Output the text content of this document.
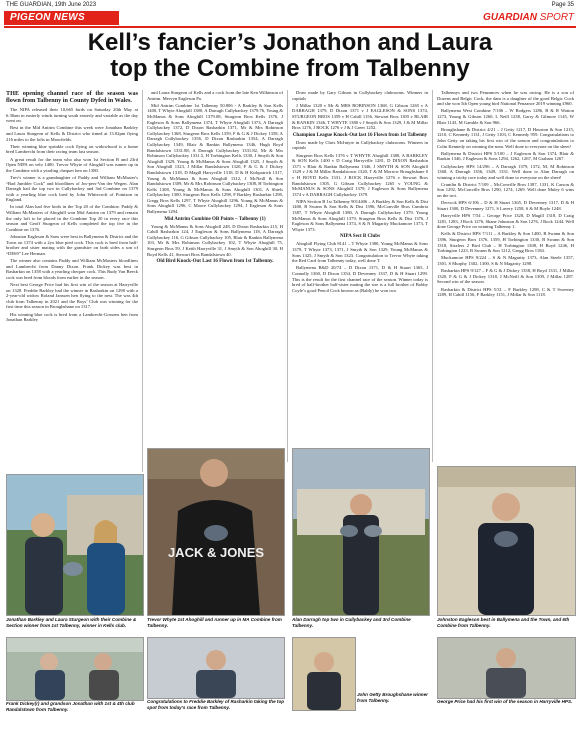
THE GUARDIAN, 19th June 2023	Page 35
PIGEON NEWS	GUARDIAN SPORT
Kell’s fancier’s Jonathon and Laura
top the Combine from Talbenny

THE opening channel race of the season was flown from Talbenny in County Dyfed in Wales.

The NIPA released their 10,665 birds on Saturday 20th May at 6.30am in easterly winds turning south easterly and variable as the day went on.

Best in the Mid Antrim Combine this week were Jonathan Barkley and Laura Sturgeon of Kells & District who timed at 13.02pm flying 216 miles to the lofts in Moorfields.

Their winning blue sprinkle cock flying on widowhood is a home bred Lambrecht from their racing team last season.

A great result for the team who also won 1st Section B and 23rd Open NIPA on velo 1400. Trevor Whyte of Ahoghill was runner up in the Combine with a yearling chequer hen on 1380.

Trev's winner is a grandaughter of Paddy and William McMaster's “Bad Jumbler Cock” and bloodlines of Jos-pers-Van der Wegen. Alan Darragh had the top two in Cullybackey and 3rd Combine on 1379 with a yearling blue cock bred by John Whitecroft of Pointzon in England.

In total Alan had five birds in the Top 20 of the Combine. Paddy & William McMasters of Ahoghill won Mid Antrim on 1379 and remain the only loft to be placed in the Combine Top 20 in every race this season and Geoff Sturgeon of Kells completed the top five in the Combine on 1376.

Johnston Eagleson & Sons were best in Ballymena & District and the Town on 1374 with a 2yo blue pied cock. This cock is bred from half-brother and sister mating with the grandsire on both sides a son of “DE69” Lee Herman.

The winner also contains Paddy and William McMasters bloodlines and Lambrecht from Danny Dixon. Frank Dickey was best in Rasharkin on 1358 with a yearling chequer cock. This Rudy Van Beeck cock was bred from bloods from earlier in the season.

Next best George Price had his first win of the season at Harryville on 1328. Freddie Barkley had the winner in Rasharkin on 1298 with a 2-year-old widow Roland Janssen hen flying to the nest. The was 4th club from Talbenny in 2021 and the Boys’ Club was winning for the first time this season in Broughshane on 1317.

His winning blue cock is bred from a Lambrecht-Gossens hen from Jonathan Barkley

and Laura Sturgeon of Kells and a cock from the late Ken Wilkinson of Antrim. Mervyn Eagleson Pa.

Mid Antrim Combine 1st Talbenny 50.806 - A Barkley & Son Kells 1400, T Whyte Ahoghill 1380, A Darragh Cullybackey 1379.76, Young & McManus & Sons Ahoghill 1379.08, Sturgeon Bros Kells 1376, J Eagleson & Sons Ballymena 1374, T Whyte Ahoghill 1373, A Darragh Cullybackey 1372, D Dixon Rasharkin 1371, Mr & Mrs Robinson Cullybackey 1368, Sturgeon Bros Kells 1359, F & G & J Dickey 1358, A Darragh Cullybackey 1356, D Dixon Rasharkin 1354, A Darragh Cullybackey 1349, Blair & Rankin Ballymena 1346, Hugh Boyd Randalstown 1331.88, A Darragh Cullybackey 1331.82, Mr & Mrs Robinson Cullybackey 1331.5, H Torbington Kells 1330, J Smyth & Son Ahoghill 1329, Young & McManus & Sons Ahoghill 1325, J Smyth & Son Ahoghill 1323, J Millar Randalstown 1320, F & G & J Dickey Randalstown 1318, D Magill Harryville 1318, D & H Kirkpatrick 1317, Young & McManus & Sons Ahoghill 1312, J McNeill & Son Randalstown 1309, Mr & Mrs Robinson Cullybackey 1308, H Torbington Kells 1308, Young & McManus & Sons Ahoghill 1301, A Shiels Cullybackey 1300, Sturgeon Bros Kells 1298, F Barkley Rasharkin 1298, Gregg Bros Kells 1297, T Whyte Ahoghill 1296, Young & McManus & Sons Ahoghill 1296, C Moore Cullybackey 1294, J Eagleson & Sons Ballymena 1294.

Mid Antrim Combine OB Points – Talbenny (1)

Young & McManus & Sons Ahoghill 248, D Dixon Rasharkin 215, H Cahill Rasharkin 124, J Eagleson & Sons Ballymena 118, A Darragh Cullybackey 116, G Gibson Cullybackey 105, Blair & Rankin Ballymena 103, Mr & Mrs Robinson Cullybackey 102, T Whyte Ahoghill 75, Sturgeon Bros 59, J Keith Harryville 31, J Smyth & Son Ahoghill 30, H Boyd Kells 41, Stewart Bros Randalstown 40.

Old Bird Knock-Out Last 16 Flown from 1st Talbenny.

Draw made by Gary Gibson in Cullybackey clubrooms. Winners in capitals

J Millar 1320 v Mr & MRS ROBINSON 1368, G Gibson 1265 v A DARRAGH 1379, D Dixon 1371 v J EAGLESON & SONS 1374, STURGEON BROS 1359 v H Cahill 1156, Stewart Bros 1305 v BLAIR & RANKIN 1346, T WHYTE 1380 v J Smyth & Son 1329, J & M Millar Bros 1276, J ROCK 1276 v J & J Greer 1252.

Champion League Knock-Out last 16 Flown from 1st Talbenny

Draw made by Chris McIntyre in Cullybackey clubrooms. Winners in capitals

Sturgeon Bros Kells 1376 v T WHYTE Ahoghill 1380, A BARKLEY & SON Kells 1400 v D Craig Harryville 1281, D DIXON Rasharkin 1371 v Blair & Rankin Ballymena 1346, J SMYTH & SON Ahoghill 1329 v J & M Millar Randalstown 1320, T & M Morrow Broughshane 0 v H BOYD Kells 1331, J ROCK Harryville 1276 v Stewart Bros Randalstown 1305, G Gibson Cullybackey 1265 v YOUNG & McMANUS & SONS Ahoghill 1379, J Eagleson & Sons Ballymena 1374 v A DARRAGH Cullybackey 1379.

NIPA Section B 1st Talbenny 9014406 – A Barkley & Son Kells & Dist 1400, B Swann & Son Kells & Dist 1396, McConville Bros Cumbria 1387, T Whyte Ahoghill 1380, A Darragh Cullybackey 1379, Young McManus & Sons Ahoghill 1379, Sturgeon Bros Kells & Dist 1376, J Eagleson & Sons Ballymena 1374, S & N Magarity Muckamore 1373, T Whyte 1373.

NIPA Sect B Clubs

Ahoghill Flying Club 8141 – T Whyte 1380, Young McManus & Sons 1379, T Whyte 1373, 1371, J Smyth & Son 1329, Young McManus & Sons 1325, J Smyth & Son 1323. Congratulation to Trevor Whyte taking the Red Card from Talbenny today, well done T.

Ballymena B&D 20/74 – D Dixon 1371, D & H Stuart 1365, J Connolly 1360, D Dixon 1354, D Devenney 1337, D & H Stuart 1299. This is the result for the first channel race of the season. Winner today is bred of half-brother half-sister mating the sire is a full brother of Bobby Coyle’s good Pencil Cock known as (Baldy) he won two

Talbennys and two Penzances when he was racing. He is a son of Dozens and Belgic Cock, the dam is a daughter of the good Belgic Cock and she won 5th Open young bird National Penzance 2019 winning £960.

Ballymena West Combine 7/106 – W Rodgers 1286, B & R Watton 1273, Young & Gibson 1260, L Neill 1238, Garry & Gilmore 1145, W Blair 1143, M Gamble & Son 966.

Broughshane & District 4/21 – J Getty 1217, D Houston & Son 1215, 1210, C Kennedy 1131, J Getty 1103, C Kennedy 959. Congratulations to John Getty on taking his first win of the season and congratulations to Colin Kennedy on winning the nom. Well done to everyone on the sheet!

Ballymena & District HPS 5/100 – J Eagleson & Son 1374, Blair & Rankin 1346, J Eagleson & Sons 1294, 1262, 1267, M Graham 1267.

Cullybackey HPS 14/296 – A Darragh 1379, 1372, M, M Robinson 1368, A Darragh 1356, 1349, 1331. Well done to Alan Darragh on winning a tricky race today and well done to everyone on the sheet!

Crumlin & District 7/109 – McConville Bros 1387, 1331, K Carson & Son 1292, McConville Bros 1290, 1274, 1269. Well done Muley 6 wins on the trot.

Dervock HPS 6/106 – D & H Stuart 1365, D Devenney 1317, D & H Stuart 1300, D Devenney 1271, S Lavery 1258, S & M Boyle 1248.

Harryville HPS 7/54 – George Price 1328, D Magill 1318, D Craig 1281, 1283, J Rock 1276, Shane Johnston & Son 1276, J Rock 1244. Well done George Price on winning Talbenny 1.

Kells & District HPS 7/111 – A Barkley & Son 1400, B Swann & Son 1396, Sturgeon Bros 1376, 1359, H Torbington 1330, B Swann & Son 1318, Sizzlers 2 Bird Club – H Torbington 1308, H Boyd 1246, H Torbington 1223, B Swann & Son 1212, Gregg Bros 1184.

Muckamore HPS 9/224 – S & N Magarity 1373, Alan Steele 1357, 1301, S Murphy 1302, 1300, S & N Magarity 1298.

Rasharkin HPS 9/127 – F & G & J Dickey 1358, H Boyd 1331, J Millar 1320, F & G & J Dickey 1318, J McNeill & Son 1309, J Millar 1287. Second win of the season.

Rasharkin & District HPS 5/31 – F Barkley 1298, C & T Sweeney 1289, H Cahill 1156, F Barkley 1151, J Millar & Son 1118.

Jonathan Barkley and Laura Sturgeon with their Combine & Section winner from 1st Talbenny, winner in Kells club.
JACK & JONES
Trevor Whyte 1st Ahoghill and runner up in MA Combine from Talbenny.
Alan Darragh top two in Cullybackey and 3rd Combine Talbenny.
Johnston Eagleson best in Ballymena and the Town, and 6th Combine from Talbenny.
Frank Dickey(r) and grandson Jonathan with 1st & 4th club Randalstown from Talbenny.
Congratulations to Freddie Barkley of Rasharkin taking the top spot from today’s race from Talbenny.
John Getty Broughshane winner from Talbenny.	George Price had his first win of the season in Harryville HPS.
